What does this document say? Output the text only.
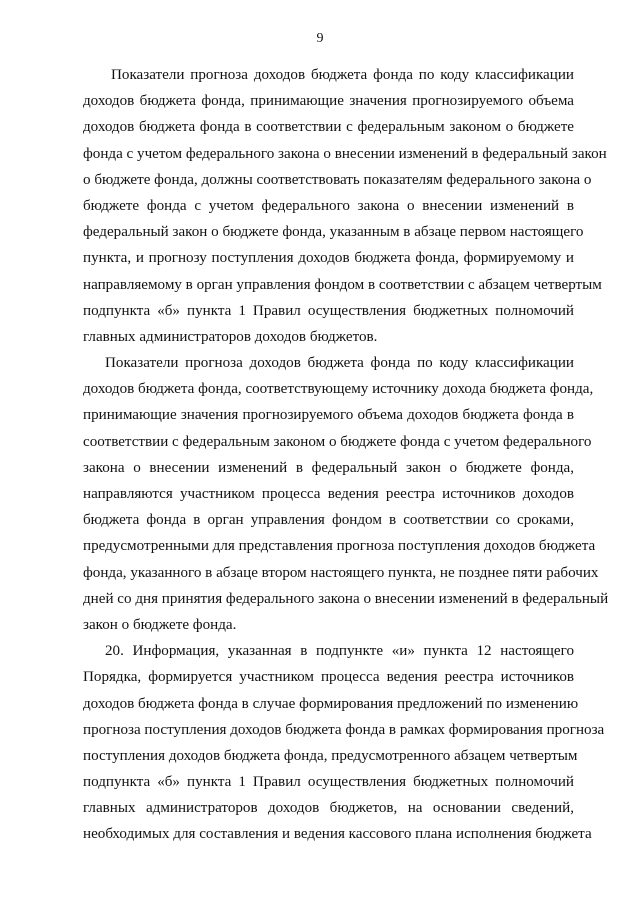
9

Показатели прогноза доходов бюджета фонда по коду классификации
доходов бюджета фонда, принимающие значения прогнозируемого объема
доходов бюджета фонда в соответствии с федеральным законом о бюджете
фонда с учетом федерального закона о внесении изменений в федеральный закон
о бюджете фонда, должны соответствовать показателям федерального закона о
бюджете фонда с учетом федерального закона о внесении изменений в
федеральный закон о бюджете фонда, указанным в абзаце первом настоящего
пункта, и прогнозу поступления доходов бюджета фонда, формируемому и
направляемому в орган управления фондом в соответствии с абзацем четвертым
подпункта «б» пункта 1 Правил осуществления бюджетных полномочий
главных администраторов доходов бюджетов.

Показатели прогноза доходов бюджета фонда по коду классификации
доходов бюджета фонда, соответствующему источнику дохода бюджета фонда,
принимающие значения прогнозируемого объема доходов бюджета фонда в
соответствии с федеральным законом о бюджете фонда с учетом федерального
закона о внесении изменений в федеральный закон о бюджете фонда,
направляются участником процесса ведения реестра источников доходов
бюджета фонда в орган управления фондом в соответствии со сроками,
предусмотренными для представления прогноза поступления доходов бюджета
фонда, указанного в абзаце втором настоящего пункта, не позднее пяти рабочих
дней со дня принятия федерального закона о внесении изменений в федеральный
закон о бюджете фонда.

20. Информация, указанная в подпункте «и» пункта 12 настоящего
Порядка, формируется участником процесса ведения реестра источников
доходов бюджета фонда в случае формирования предложений по изменению
прогноза поступления доходов бюджета фонда в рамках формирования прогноза
поступления доходов бюджета фонда, предусмотренного абзацем четвертым
подпункта «б» пункта 1 Правил осуществления бюджетных полномочий
главных администраторов доходов бюджетов, на основании сведений,
необходимых для составления и ведения кассового плана исполнения бюджета
